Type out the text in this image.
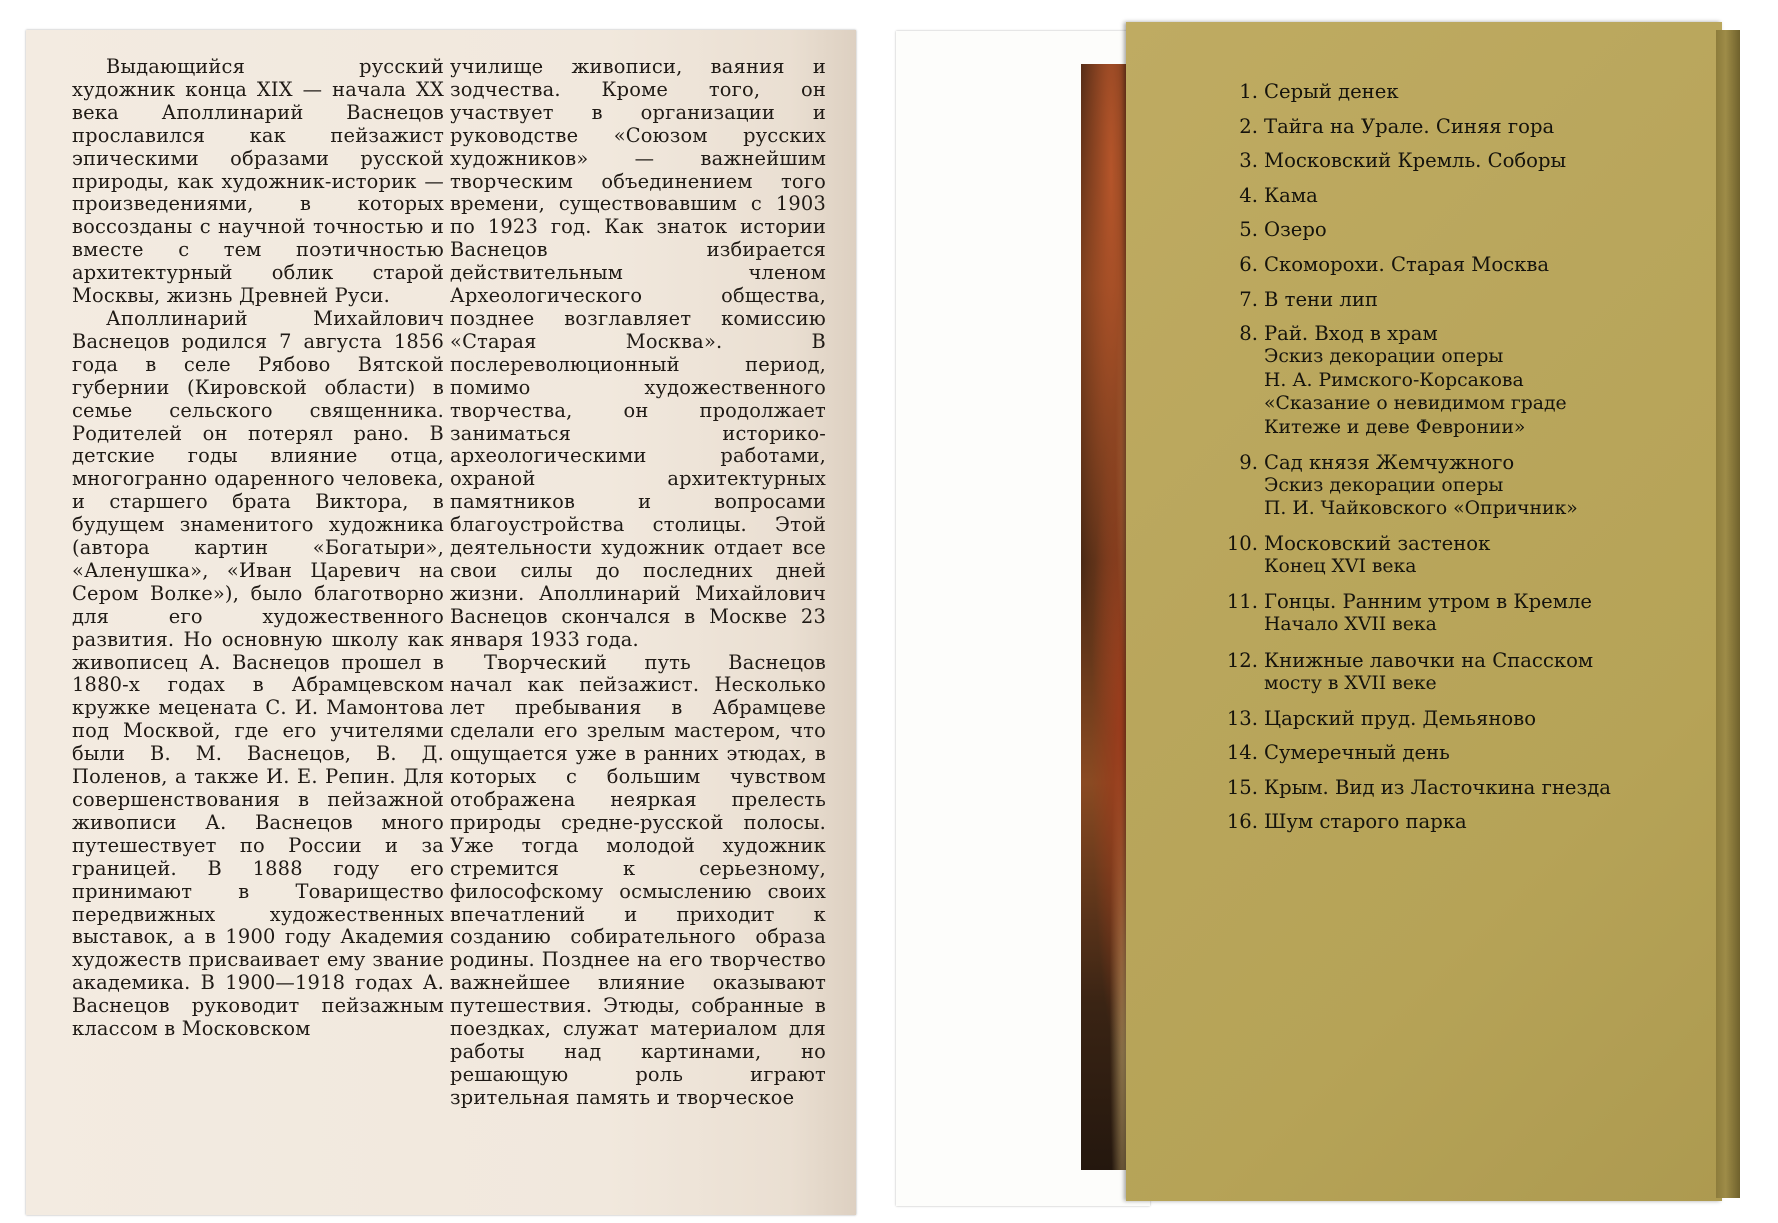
Выдающийся русский художник конца XIX — начала XX века Аполлинарий Васнецов прославился как пейзажист эпическими образами русской природы, как художник-историк — произведениями, в которых воссозданы с научной точностью и вместе с тем поэтичностью архитектурный облик старой Москвы, жизнь Древней Руси.

Аполлинарий Михайлович Васнецов родился 7 августа 1856 года в селе Рябово Вятской губернии (Кировской области) в семье сельского священника. Родителей он потерял рано. В детские годы влияние отца, многогранно одаренного человека, и старшего брата Виктора, в будущем знаменитого художника (автора картин «Богатыри», «Аленушка», «Иван Царевич на Сером Волке»), было благотворно для его художественного развития. Но основную школу как живописец А. Васнецов прошел в 1880-х годах в Абрамцевском кружке мецената С. И. Мамонтова под Москвой, где его учителями были В. М. Васнецов, В. Д. Поленов, а также И. Е. Репин. Для совершенствования в пейзажной живописи А. Васнецов много путешествует по России и за границей. В 1888 году его принимают в Товарищество передвижных художественных выставок, а в 1900 году Академия художеств присваивает ему звание академика. В 1900—1918 годах А. Васнецов руководит пейзажным классом в Московском

училище живописи, ваяния и зодчества. Кроме того, он участвует в организации и руководстве «Союзом русских художников» — важнейшим творческим объединением того времени, существовавшим с 1903 по 1923 год. Как знаток истории Васнецов избирается действительным членом Археологического общества, позднее возглавляет комиссию «Старая Москва». В послереволюционный период, помимо художественного творчества, он продолжает заниматься историко-археологическими работами, охраной архитектурных памятников и вопросами благоустройства столицы. Этой деятельности художник отдает все свои силы до последних дней жизни. Аполлинарий Михайлович Васнецов скончался в Москве 23 января 1933 года.

Творческий путь Васнецов начал как пейзажист. Несколько лет пребывания в Абрамцеве сделали его зрелым мастером, что ощущается уже в ранних этюдах, в которых с большим чувством отображена неяркая прелесть природы средне-русской полосы. Уже тогда молодой художник стремится к серьезному, философскому осмыслению своих впечатлений и приходит к созданию собирательного образа родины. Позднее на его творчество важнейшее влияние оказывают путешествия. Этюды, собранные в поездках, служат материалом для работы над картинами, но решающую роль играют зрительная память и творческое

1. Серый денек
2. Тайга на Урале. Синяя гора
3. Московский Кремль. Соборы
4. Кама
5. Озеро
6. Скоморохи. Старая Москва
7. В тени лип
8. Рай. Вход в храм
Эскиз декорации оперы
Н. А. Римского-Корсакова
«Сказание о невидимом граде
Китеже и деве Февронии»
9. Сад князя Жемчужного
Эскиз декорации оперы
П. И. Чайковского «Опричник»
10. Московский застенок
Конец XVI века
11. Гонцы. Ранним утром в Кремле
Начало XVII века
12. Книжные лавочки на Спасском
мосту в XVII веке
13. Царский пруд. Демьяново
14. Сумеречный день
15. Крым. Вид из Ласточкина гнезда
16. Шум старого парка
